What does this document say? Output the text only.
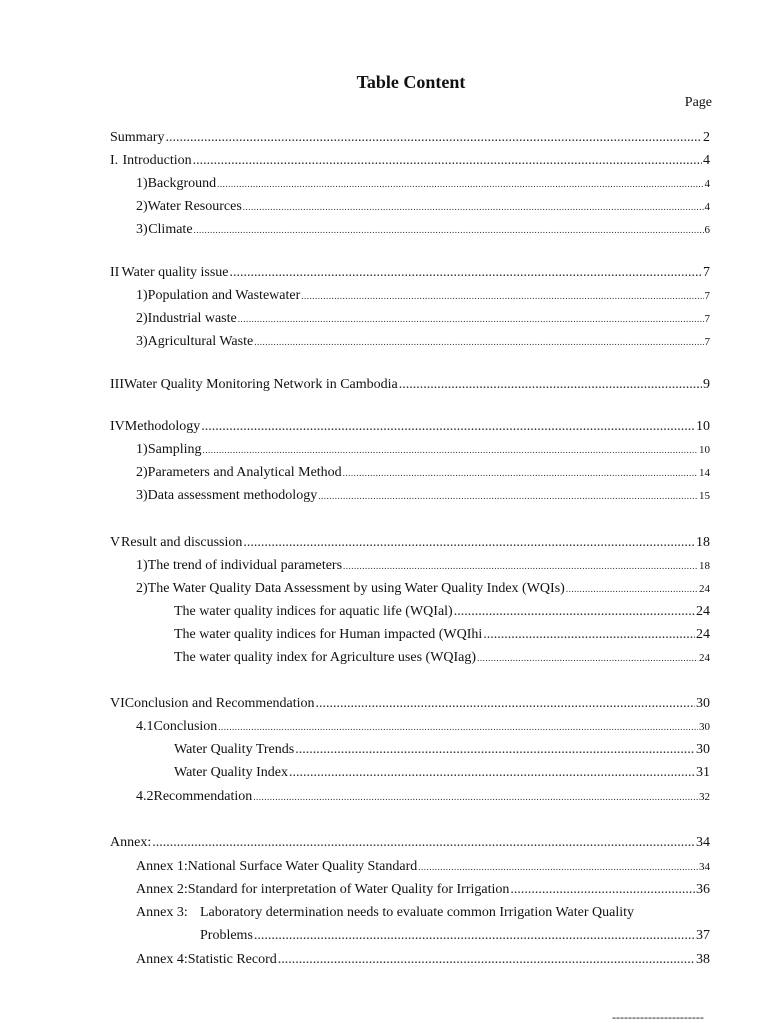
Table Content
Page
Summary .....	2
I. Introduction .....	4
1) Background .....	4
2) Water Resources .....	4
3) Climate .....	6
II Water quality issue .....	7
1) Population and Wastewater .....	7
2) Industrial waste .....	7
3) Agricultural Waste .....	7
III Water Quality Monitoring Network in Cambodia .....	9
IV Methodology .....	10
1) Sampling .....	10
2) Parameters and Analytical Method .....	14
3) Data assessment methodology .....	15
V Result and discussion .....	18
1) The trend of individual parameters .....	18
2) The Water Quality Data Assessment by using Water Quality Index (WQIs) .....	24
The water quality indices for aquatic life (WQIal) .....	24
The water quality indices for Human impacted (WQIhi .....	24
The water quality index for Agriculture uses (WQIag) .....	24
VI Conclusion and Recommendation .....	30
4.1 Conclusion .....	30
Water Quality Trends .....	30
Water Quality Index .....	31
4.2 Recommendation .....	32
Annex: .....	34
Annex 1: National Surface Water Quality Standard .....	34
Annex 2: Standard for interpretation of Water Quality for Irrigation .....	36
Annex 3: Laboratory determination needs to evaluate common Irrigation Water Quality
Problems .....	37
Annex 4: Statistic Record .....	38
-----------------------
